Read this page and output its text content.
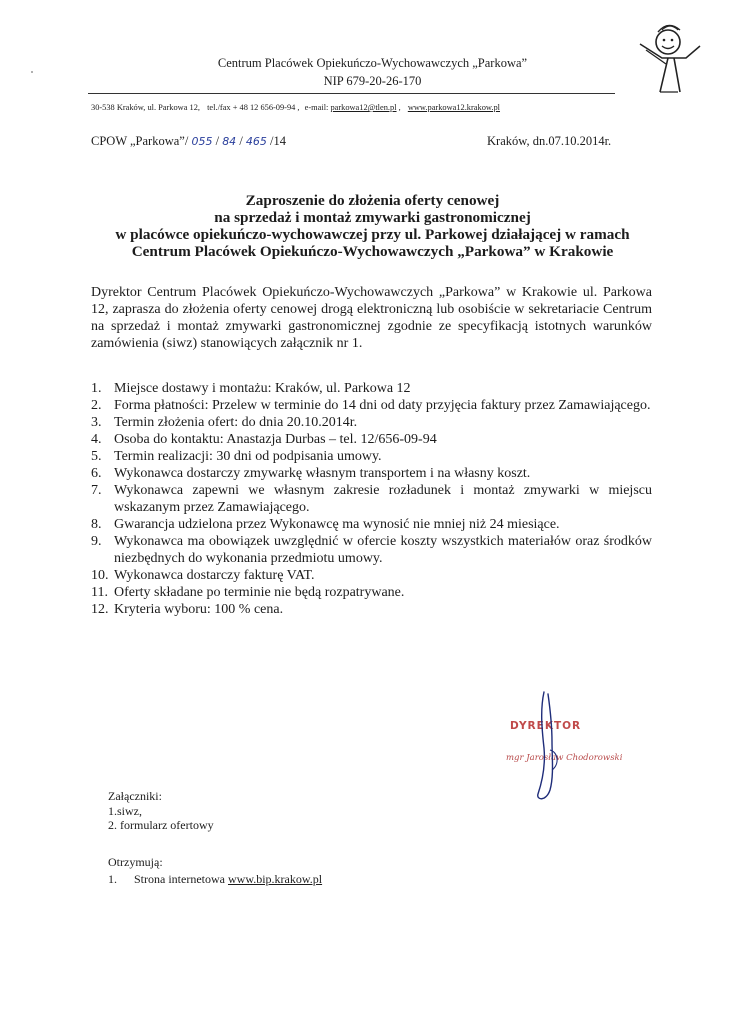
Centrum Placówek Opiekuńczo-Wychowawczych „Parkowa”
NIP 679-20-26-170
30-538 Kraków, ul. Parkowa 12, tel./fax + 48 12 656-09-94 , e-mail: parkowa12@tlen.pl , www.parkowa12.krakow.pl
CPOW „Parkowa”/ 055 / 84 / 465 /14	Kraków, dn.07.10.2014r.
Zaproszenie do złożenia oferty cenowej
na sprzedaż i montaż zmywarki gastronomicznej
w placówce opiekuńczo-wychowawczej przy ul. Parkowej działającej w ramach
Centrum Placówek Opiekuńczo-Wychowawczych „Parkowa” w Krakowie
Dyrektor Centrum Placówek Opiekuńczo-Wychowawczych „Parkowa” w Krakowie ul. Parkowa 12, zaprasza do złożenia oferty cenowej drogą elektroniczną lub osobiście w sekretariacie Centrum na sprzedaż i montaż zmywarki gastronomicznej zgodnie ze specyfikacją istotnych warunków zamówienia (siwz) stanowiących załącznik nr 1.
1. Miejsce dostawy i montażu: Kraków, ul. Parkowa 12
2. Forma płatności: Przelew w terminie do 14 dni od daty przyjęcia faktury przez Zamawiającego.
3. Termin złożenia ofert: do dnia 20.10.2014r.
4. Osoba do kontaktu: Anastazja Durbas – tel. 12/656-09-94
5. Termin realizacji: 30 dni od podpisania umowy.
6. Wykonawca dostarczy zmywarkę własnym transportem i na własny koszt.
7. Wykonawca zapewni we własnym zakresie rozładunek i montaż zmywarki w miejscu wskazanym przez Zamawiającego.
8. Gwarancja udzielona przez Wykonawcę ma wynosić nie mniej niż 24 miesiące.
9. Wykonawca ma obowiązek uwzględnić w ofercie koszty wszystkich materiałów oraz środków niezbędnych do wykonania przedmiotu umowy.
10. Wykonawca dostarczy fakturę VAT.
11. Oferty składane po terminie nie będą rozpatrywane.
12. Kryteria wyboru: 100 % cena.
DYREKTOR
mgr Jarosław Chodorowski
Załączniki:
1.siwz,
2. formularz ofertowy
Otrzymują:
1. Strona internetowa www.bip.krakow.pl
